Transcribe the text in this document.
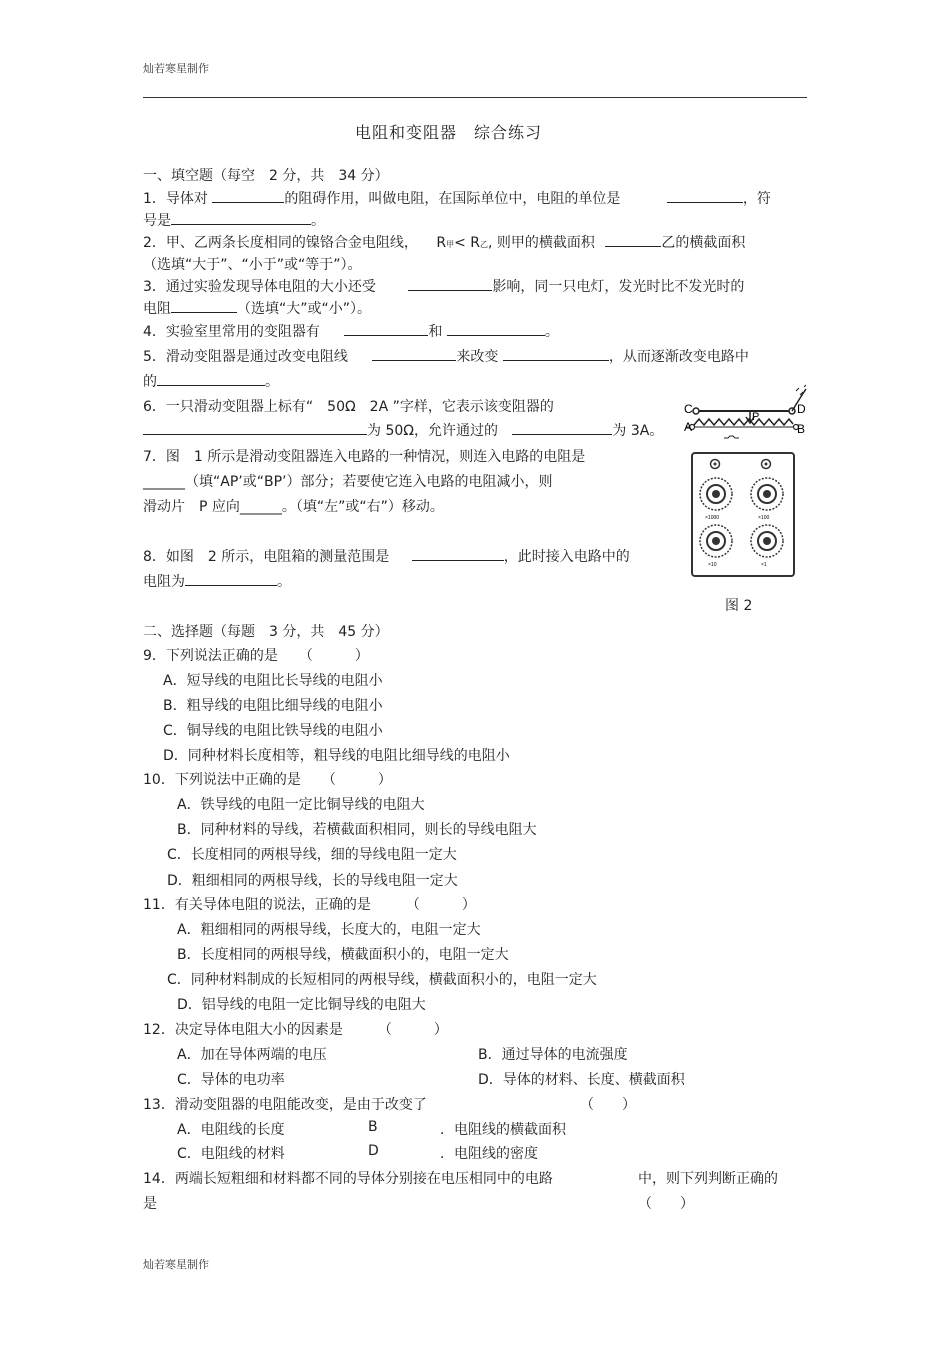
灿若寒星制作
电阻和变阻器　综合练习
一、填空题（每空　2 分，共　34 分）
1．导体对	的阻碍作用，叫做电阻，在国际单位中，电阻的单位是	，符
号是	。
2．甲、乙两条长度相同的镍铬合金电阻线， R甲< R乙, 则甲的横截面积	乙的横截面积
（选填“大于”、“小于”或“等于”）。
3．通过实验发现导体电阻的大小还受	影响，同一只电灯，发光时比不发光时的
电阻	（选填“大”或“小”）。
4．实验室里常用的变阻器有	和	。
5．滑动变阻器是通过改变电阻线	来改变	，从而逐渐改变电路中
的	。
6．一只滑动变阻器上标有“　50Ω　2A ”字样，它表示该变阻器的
为 50Ω，允许通过的	为 3A。
7．图　1 所示是滑动变阻器连入电路的一种情况，则连入电路的电阻是
______（填“AP’或“BP’）部分；若要使它连入电路的电阻减小，则
滑动片　P 应向______。（填“左”或“右”）移动。
8．如图　2 所示，电阻箱的测量范围是	，此时接入电路中的
电阻为	。
C
A
P
D
B
×1000	×100
×10	×1
图 2
二、选择题（每题　3 分，共　45 分）
9．下列说法正确的是　　（　　　）
A．短导线的电阻比长导线的电阻小
B．粗导线的电阻比细导线的电阻小
C．铜导线的电阻比铁导线的电阻小
D．同种材料长度相等，粗导线的电阻比细导线的电阻小
10．下列说法中正确的是　　（　　　）
A．铁导线的电阻一定比铜导线的电阻大
B．同种材料的导线，若横截面积相同，则长的导线电阻大
C．长度相同的两根导线，细的导线电阻一定大
D．粗细相同的两根导线，长的导线电阻一定大
11．有关导体电阻的说法，正确的是　　　（　　　）
A．粗细相同的两根导线，长度大的，电阻一定大
B．长度相同的两根导线，横截面积小的，电阻一定大
C．同种材料制成的长短相同的两根导线，横截面积小的，电阻一定大
D．铝导线的电阻一定比铜导线的电阻大
12．决定导体电阻大小的因素是　　　（　　　）
A．加在导体两端的电压	B．通过导体的电流强度
C．导体的电功率	D．导体的材料、长度、横截面积
13．滑动变阻器的电阻能改变，是由于改变了	（　　）
A．电阻线的长度	B	．电阻线的横截面积
C．电阻线的材料	D	．电阻线的密度
14．两端长短粗细和材料都不同的导体分别接在电压相同中的电路	中，则下列判断正确的
是	（　　）
灿若寒星制作
